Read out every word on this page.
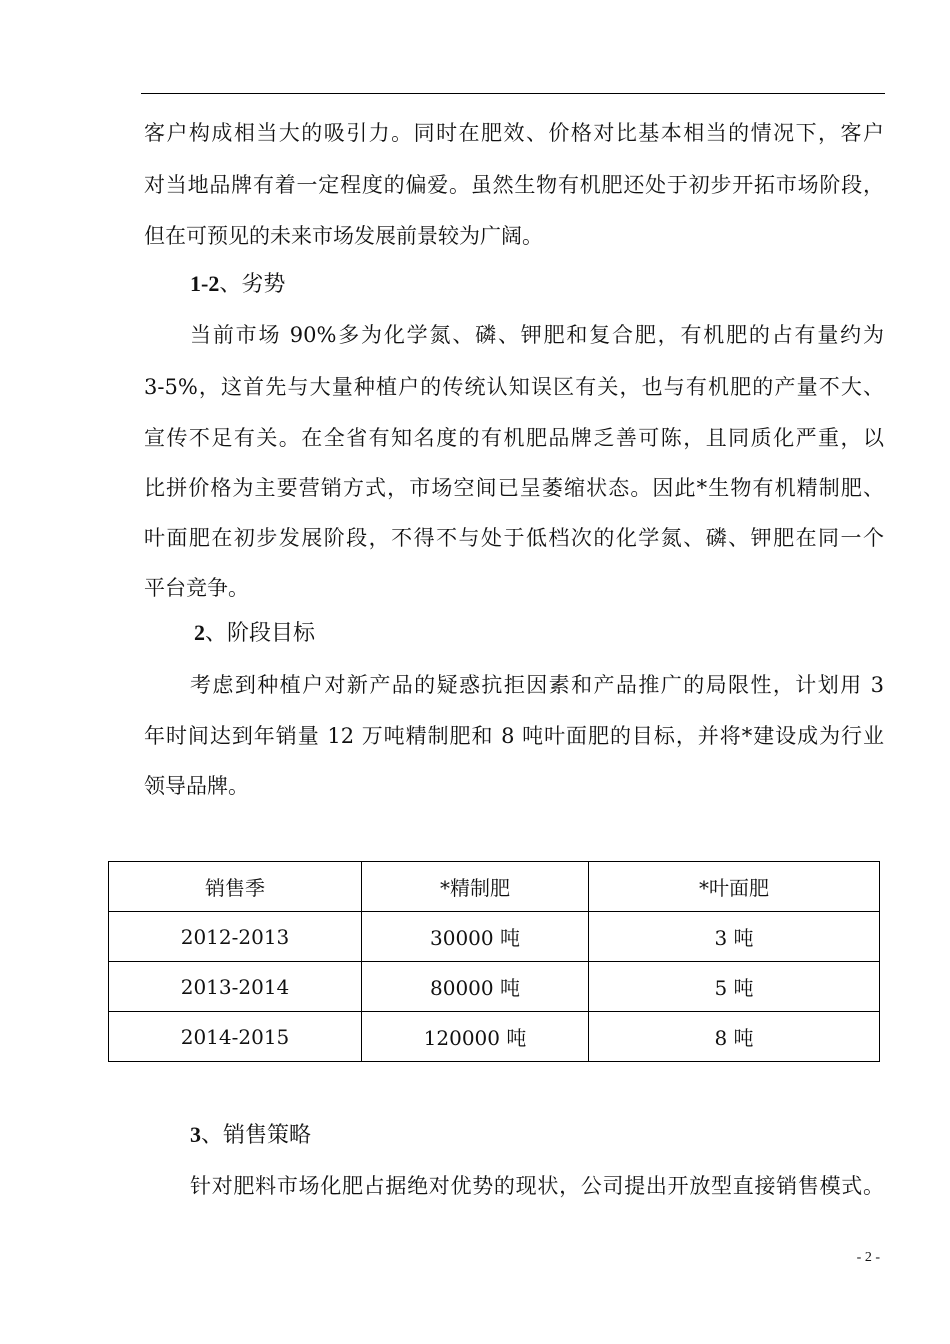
客户构成相当大的吸引力。同时在肥效、价格对比基本相当的情况下，客户
对当地品牌有着一定程度的偏爱。虽然生物有机肥还处于初步开拓市场阶段，
但在可预见的未来市场发展前景较为广阔。
1-2、劣势
当前市场 90%多为化学氮、磷、钾肥和复合肥，有机肥的占有量约为
3-5%，这首先与大量种植户的传统认知误区有关，也与有机肥的产量不大、
宣传不足有关。在全省有知名度的有机肥品牌乏善可陈，且同质化严重，以
比拼价格为主要营销方式，市场空间已呈萎缩状态。因此*生物有机精制肥、
叶面肥在初步发展阶段，不得不与处于低档次的化学氮、磷、钾肥在同一个
平台竞争。
2、阶段目标
考虑到种植户对新产品的疑惑抗拒因素和产品推广的局限性，计划用 3
年时间达到年销量 12 万吨精制肥和 8 吨叶面肥的目标，并将*建设成为行业
领导品牌。
销售季	*精制肥	*叶面肥
2012-2013	30000 吨	3 吨
2013-2014	80000 吨	5 吨
2014-2015	120000 吨	8 吨
3、销售策略
针对肥料市场化肥占据绝对优势的现状，公司提出开放型直接销售模式。
- 2 -
